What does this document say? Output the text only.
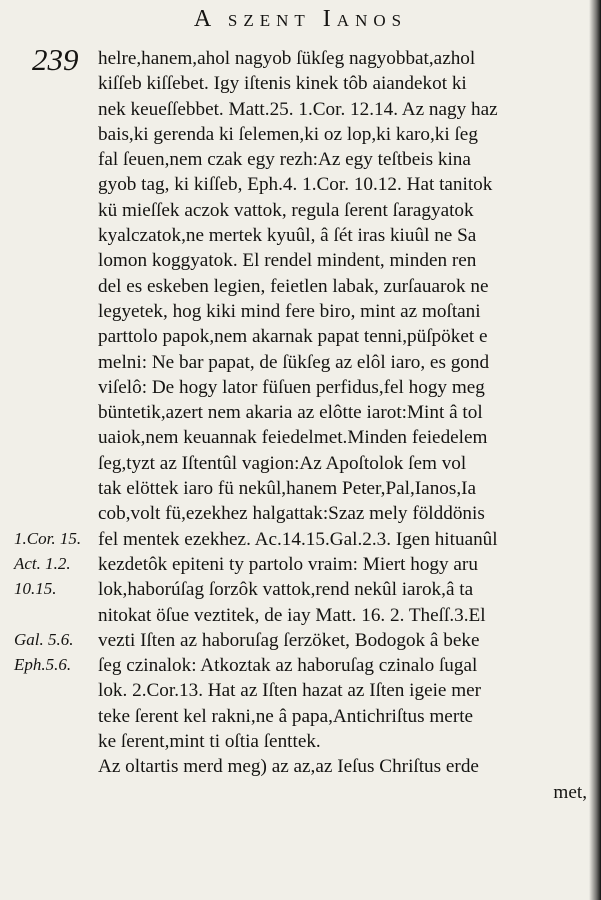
A szent Ianos
239
1.Cor. 15.
Act. 1.2.
10.15.
Gal. 5.6.
Eph.5.6.
helre,hanem,ahol nagyob ſükſeg nagyobbat,azhol
kiſſeb kiſſebet. Igy iſtenis kinek tôb aiandekot ki
nek keueſſebbet. Matt.25. 1.Cor. 12.14. Az nagy haz
bais,ki gerenda ki ſelemen,ki oz lop,ki karo,ki ſeg
fal ſeuen,nem czak egy rezh:Az egy teſtbeis kina
gyob tag, ki kiſſeb, Eph.4. 1.Cor. 10.12. Hat tanitok
kü mieſſek aczok vattok, regula ſerent ſaragyatok
kyalczatok,ne mertek kyuûl, â ſét iras kiuûl ne Sa
lomon koggyatok. El rendel mindent, minden ren
del es eskeben legien, feietlen labak, zurſauarok ne
legyetek, hog kiki mind fere biro, mint az moſtani
parttolo papok,nem akarnak papat tenni,püſpöket e
melni: Ne bar papat, de ſükſeg az elôl iaro, es gond
viſelô: De hogy lator füſuen perfidus,fel hogy meg
büntetik,azert nem akaria az elôtte iarot:Mint â tol
uaiok,nem keuannak feiedelmet.Minden feiedelem
ſeg,tyzt az Iſtentûl vagion:Az Apoſtolok ſem vol
tak elöttek iaro fü nekûl,hanem Peter,Pal,Ianos,Ia
cob,volt fü,ezekhez halgattak:Szaz mely földdönis
fel mentek ezekhez. Ac.14.15.Gal.2.3. Igen hituanûl
kezdetôk epiteni ty partolo vraim: Miert hogy aru
lok,haborúſag ſorzôk vattok,rend nekûl iarok,â ta
nitokat öſue veztitek, de iay Matt. 16. 2. Theſſ.3.El
vezti Iſten az haboruſag ſerzöket, Bodogok â beke
ſeg czinalok: Atkoztak az haboruſag czinalo ſugal
lok. 2.Cor.13. Hat az Iſten hazat az Iſten igeie mer
teke ſerent kel rakni,ne â papa,Antichriſtus merte
ke ſerent,mint ti oſtia ſenttek.
Az oltartis merd meg) az az,az Ieſus Chriſtus erde
met,
